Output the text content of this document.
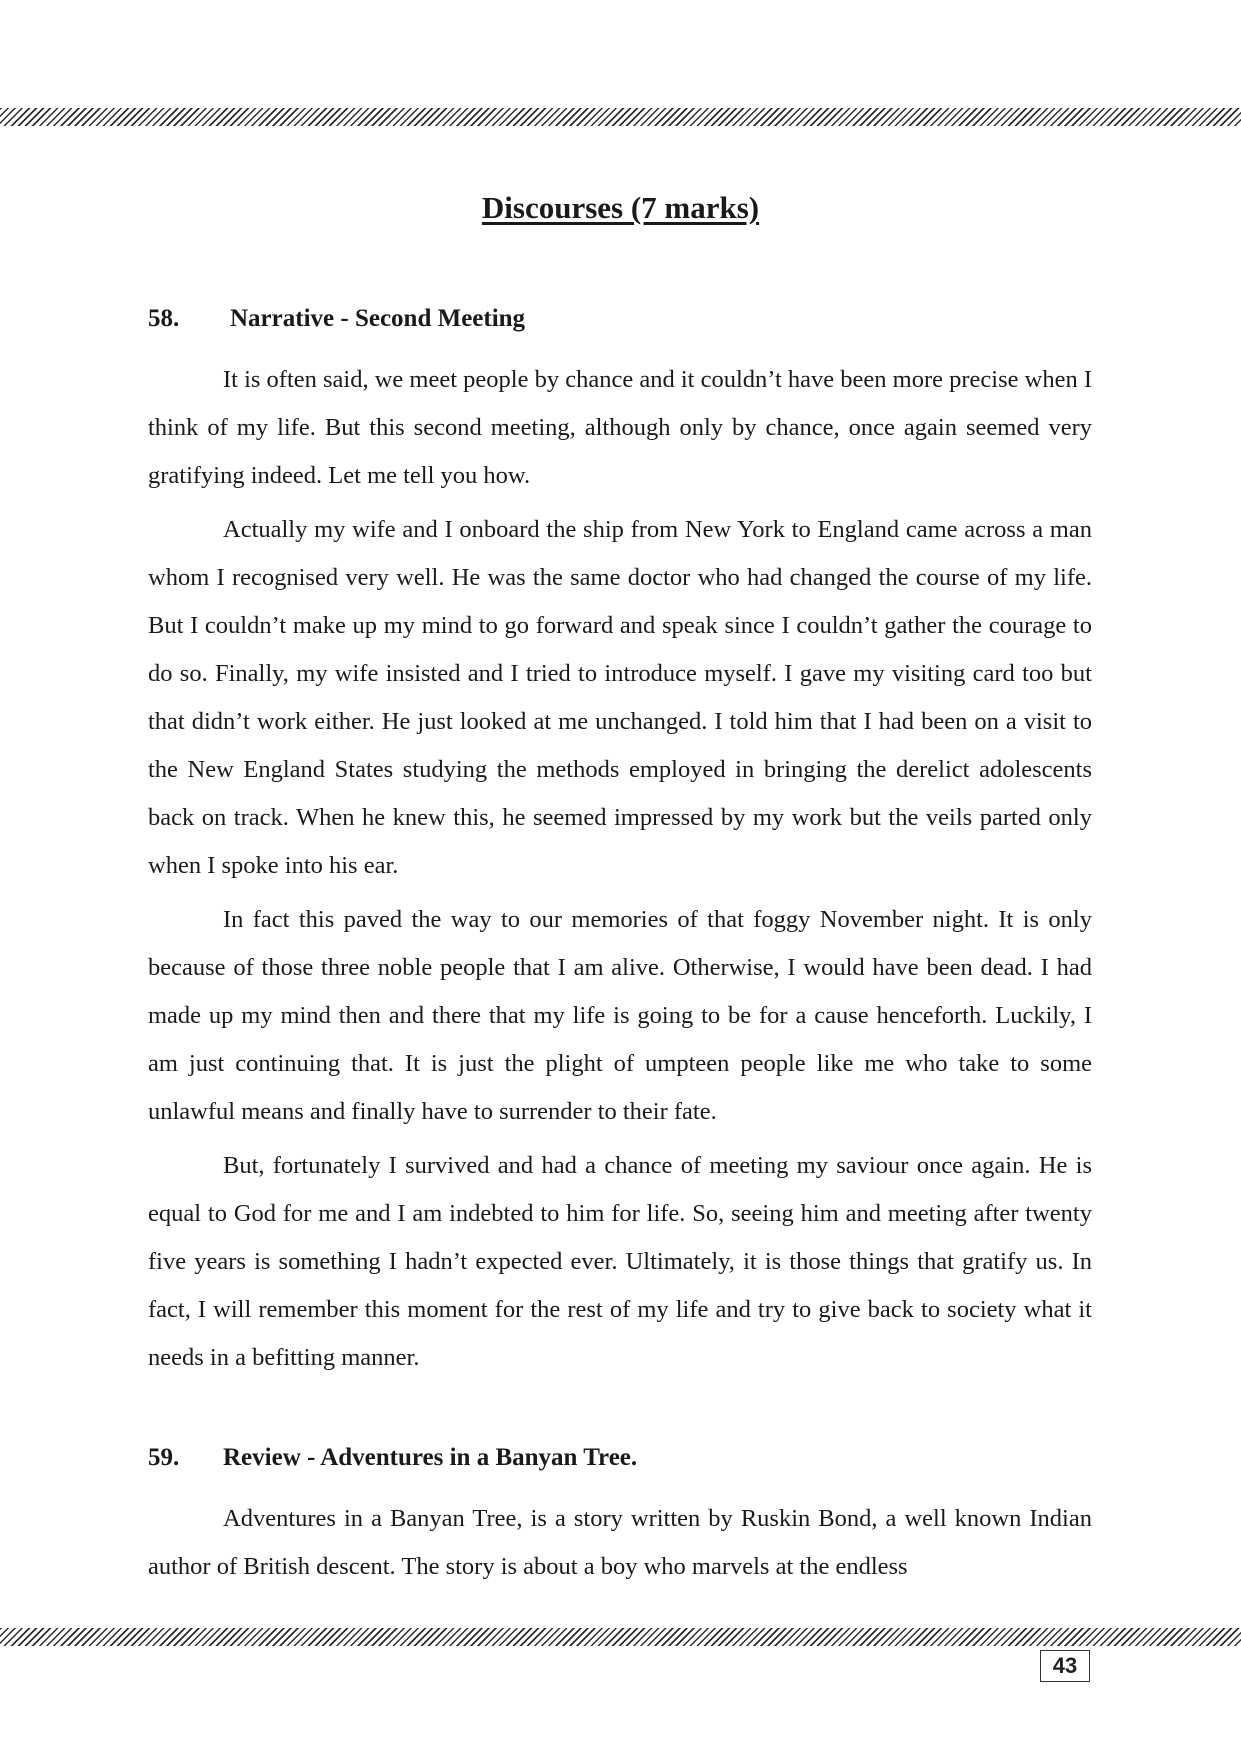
Discourses (7 marks)
58.	Narrative - Second Meeting

It is often said, we meet people by chance and it couldn’t have been more precise when I think of my life. But this second meeting, although only by chance, once again seemed very gratifying indeed. Let me tell you how.

Actually my wife and I onboard the ship from New York to England came across a man whom I recognised very well. He was the same doctor who had changed the course of my life. But I couldn’t make up my mind to go forward and speak since I couldn’t gather the courage to do so. Finally, my wife insisted and I tried to introduce myself. I gave my visiting card too but that didn’t work either. He just looked at me unchanged. I told him that I had been on a visit to the New England States studying the methods employed in bringing the derelict adolescents back on track. When he knew this, he seemed impressed by my work but the veils parted only when I spoke into his ear.

In fact this paved the way to our memories of that foggy November night. It is only because of those three noble people that I am alive. Otherwise, I would have been dead. I had made up my mind then and there that my life is going to be for a cause henceforth. Luckily, I am just continuing that. It is just the plight of umpteen people like me who take to some unlawful means and finally have to surrender to their fate.

But, fortunately I survived and had a chance of meeting my saviour once again. He is equal to God for me and I am indebted to him for life. So, seeing him and meeting after twenty five years is something I hadn’t expected ever. Ultimately, it is those things that gratify us. In fact, I will remember this moment for the rest of my life and try to give back to society what it needs in a befitting manner.

59.	Review - Adventures in a Banyan Tree.

Adventures in a Banyan Tree, is a story written by Ruskin Bond, a well known Indian author of British descent. The story is about a boy who marvels at the endless

43
